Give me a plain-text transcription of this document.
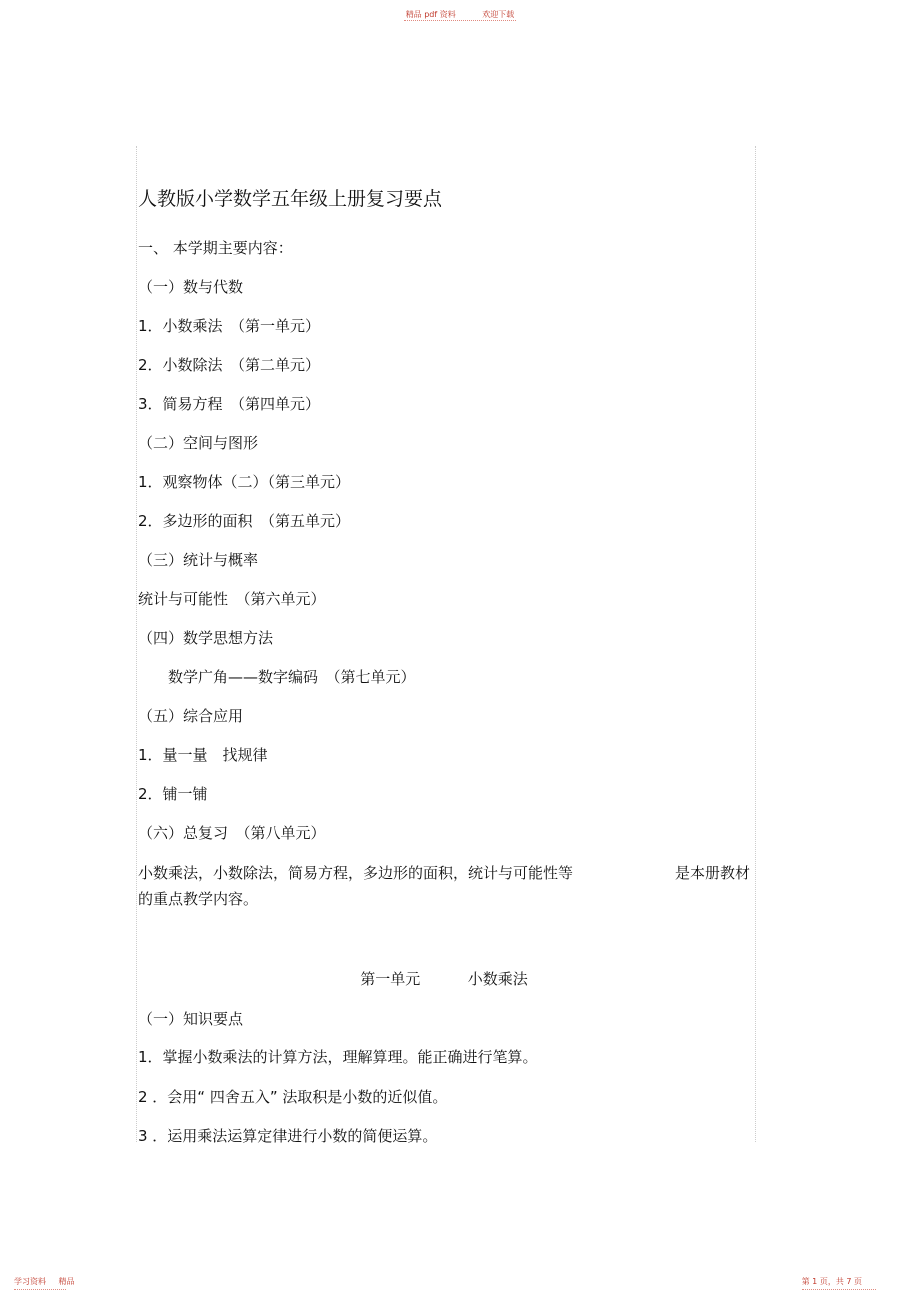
精品 pdf 资料	欢迎下载
人教版小学数学五年级上册复习要点
一、 本学期主要内容：
（一）数与代数
1．小数乘法　（第一单元）
2．小数除法　（第二单元）
3．简易方程　（第四单元）
（二）空间与图形
1．观察物体（二）（第三单元）
2．多边形的面积　（第五单元）
（三）统计与概率
统计与可能性　（第六单元）
（四）数学思想方法
　　数学广角——数字编码　（第七单元）
（五）综合应用
1．量一量　找规律
2．铺一铺
（六）总复习　（第八单元）
小数乘法，小数除法，简易方程，多边形的面积，统计与可能性等	是本册教材
的重点教学内容。
第一单元	小数乘法
（一）知识要点
1．掌握小数乘法的计算方法，理解算理。能正确进行笔算。
2 ．会用“ 四舍五入” 法取积是小数的近似值。
3 ．运用乘法运算定律进行小数的简便运算。
学习资料 精品	第 1 页，共 7 页
